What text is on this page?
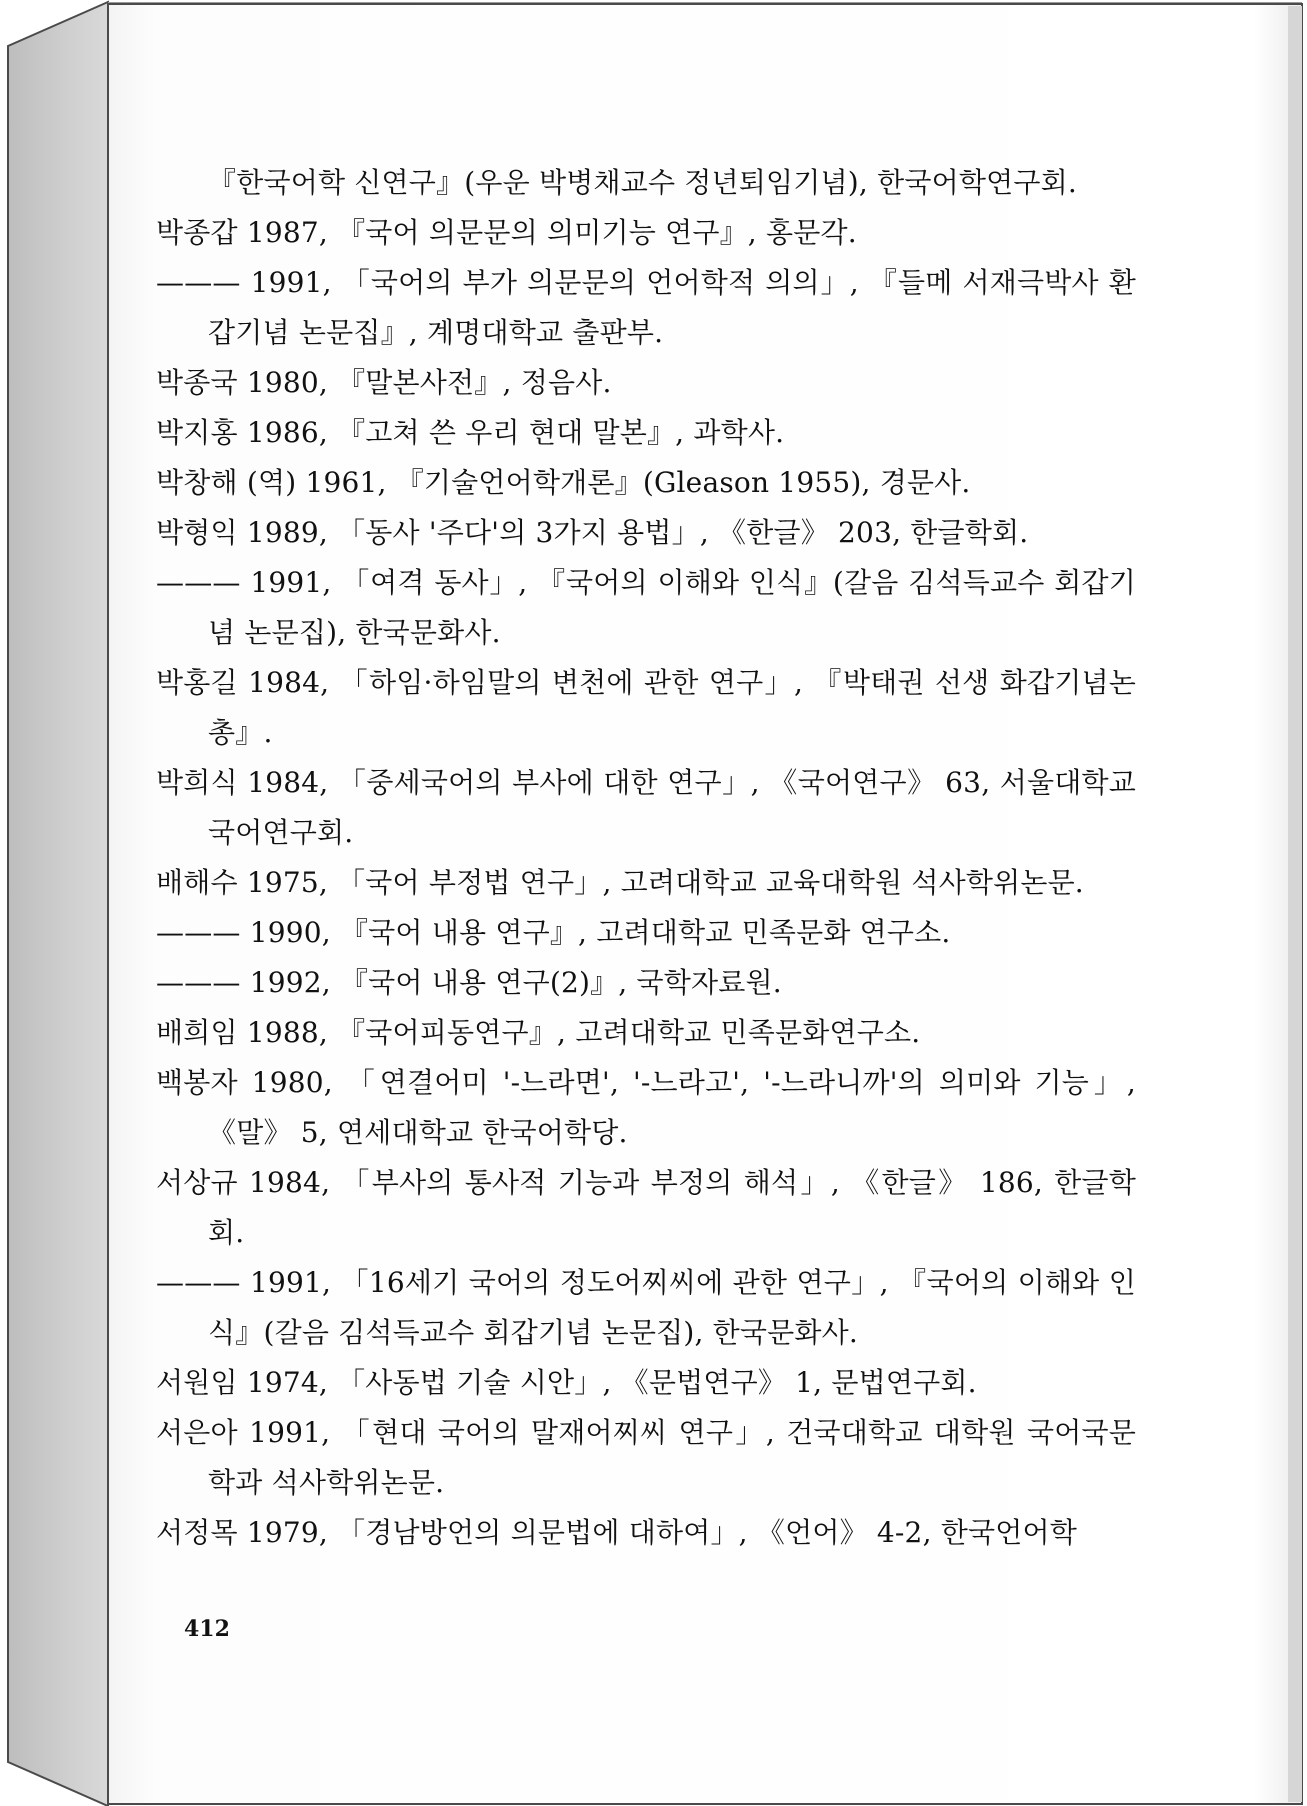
『한국어학 신연구』(우운 박병채교수 정년퇴임기념), 한국어학연구회.

박종갑 1987, 『국어 의문문의 의미기능 연구』, 홍문각.

——— 1991, 「국어의 부가 의문문의 언어학적 의의」, 『들메 서재극박사 환갑기념 논문집』, 계명대학교 출판부.

박종국 1980, 『말본사전』, 정음사.

박지홍 1986, 『고쳐 쓴 우리 현대 말본』, 과학사.

박창해 (역) 1961, 『기술언어학개론』(Gleason 1955), 경문사.

박형익 1989, 「동사 '주다'의 3가지 용법」, 《한글》 203, 한글학회.

——— 1991, 「여격 동사」, 『국어의 이해와 인식』(갈음 김석득교수 회갑기념 논문집), 한국문화사.

박홍길 1984, 「하임·하임말의 변천에 관한 연구」, 『박태권 선생 화갑기념논총』.

박희식 1984, 「중세국어의 부사에 대한 연구」, 《국어연구》 63, 서울대학교 국어연구회.

배해수 1975, 「국어 부정법 연구」, 고려대학교 교육대학원 석사학위논문.

——— 1990, 『국어 내용 연구』, 고려대학교 민족문화 연구소.

——— 1992, 『국어 내용 연구(2)』, 국학자료원.

배희임 1988, 『국어피동연구』, 고려대학교 민족문화연구소.

백봉자 1980, 「연결어미 '-느라면', '-느라고', '-느라니까'의 의미와 기능」, 《말》 5, 연세대학교 한국어학당.

서상규 1984, 「부사의 통사적 기능과 부정의 해석」, 《한글》 186, 한글학회.

——— 1991, 「16세기 국어의 정도어찌씨에 관한 연구」, 『국어의 이해와 인식』(갈음 김석득교수 회갑기념 논문집), 한국문화사.

서원임 1974, 「사동법 기술 시안」, 《문법연구》 1, 문법연구회.

서은아 1991, 「현대 국어의 말재어찌씨 연구」, 건국대학교 대학원 국어국문학과 석사학위논문.

서정목 1979, 「경남방언의 의문법에 대하여」, 《언어》 4-2, 한국언어학

412
